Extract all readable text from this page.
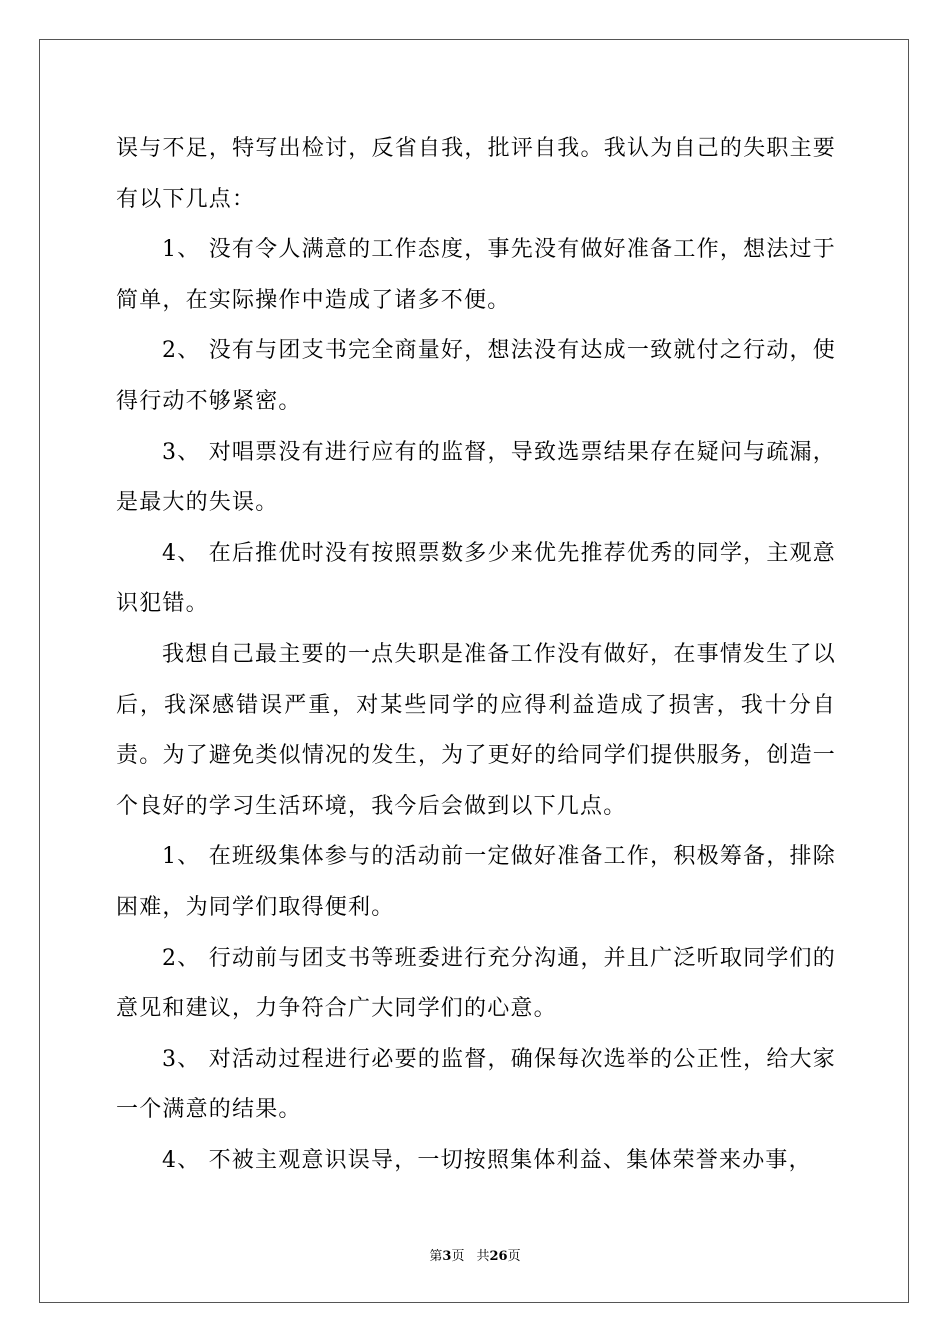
误与不足，特写出检讨，反省自我，批评自我。我认为自己的失职主要有以下几点：

1、 没有令人满意的工作态度，事先没有做好准备工作，想法过于简单，在实际操作中造成了诸多不便。

2、 没有与团支书完全商量好，想法没有达成一致就付之行动，使得行动不够紧密。

3、 对唱票没有进行应有的监督，导致选票结果存在疑问与疏漏，是最大的失误。

4、 在后推优时没有按照票数多少来优先推荐优秀的同学，主观意识犯错。

我想自己最主要的一点失职是准备工作没有做好，在事情发生了以后，我深感错误严重，对某些同学的应得利益造成了损害，我十分自责。为了避免类似情况的发生，为了更好的给同学们提供服务，创造一个良好的学习生活环境，我今后会做到以下几点。

1、 在班级集体参与的活动前一定做好准备工作，积极筹备，排除困难，为同学们取得便利。

2、 行动前与团支书等班委进行充分沟通，并且广泛听取同学们的意见和建议，力争符合广大同学们的心意。

3、 对活动过程进行必要的监督，确保每次选举的公正性，给大家一个满意的结果。

4、 不被主观意识误导，一切按照集体利益、集体荣誉来办事，

第3页 共26页
